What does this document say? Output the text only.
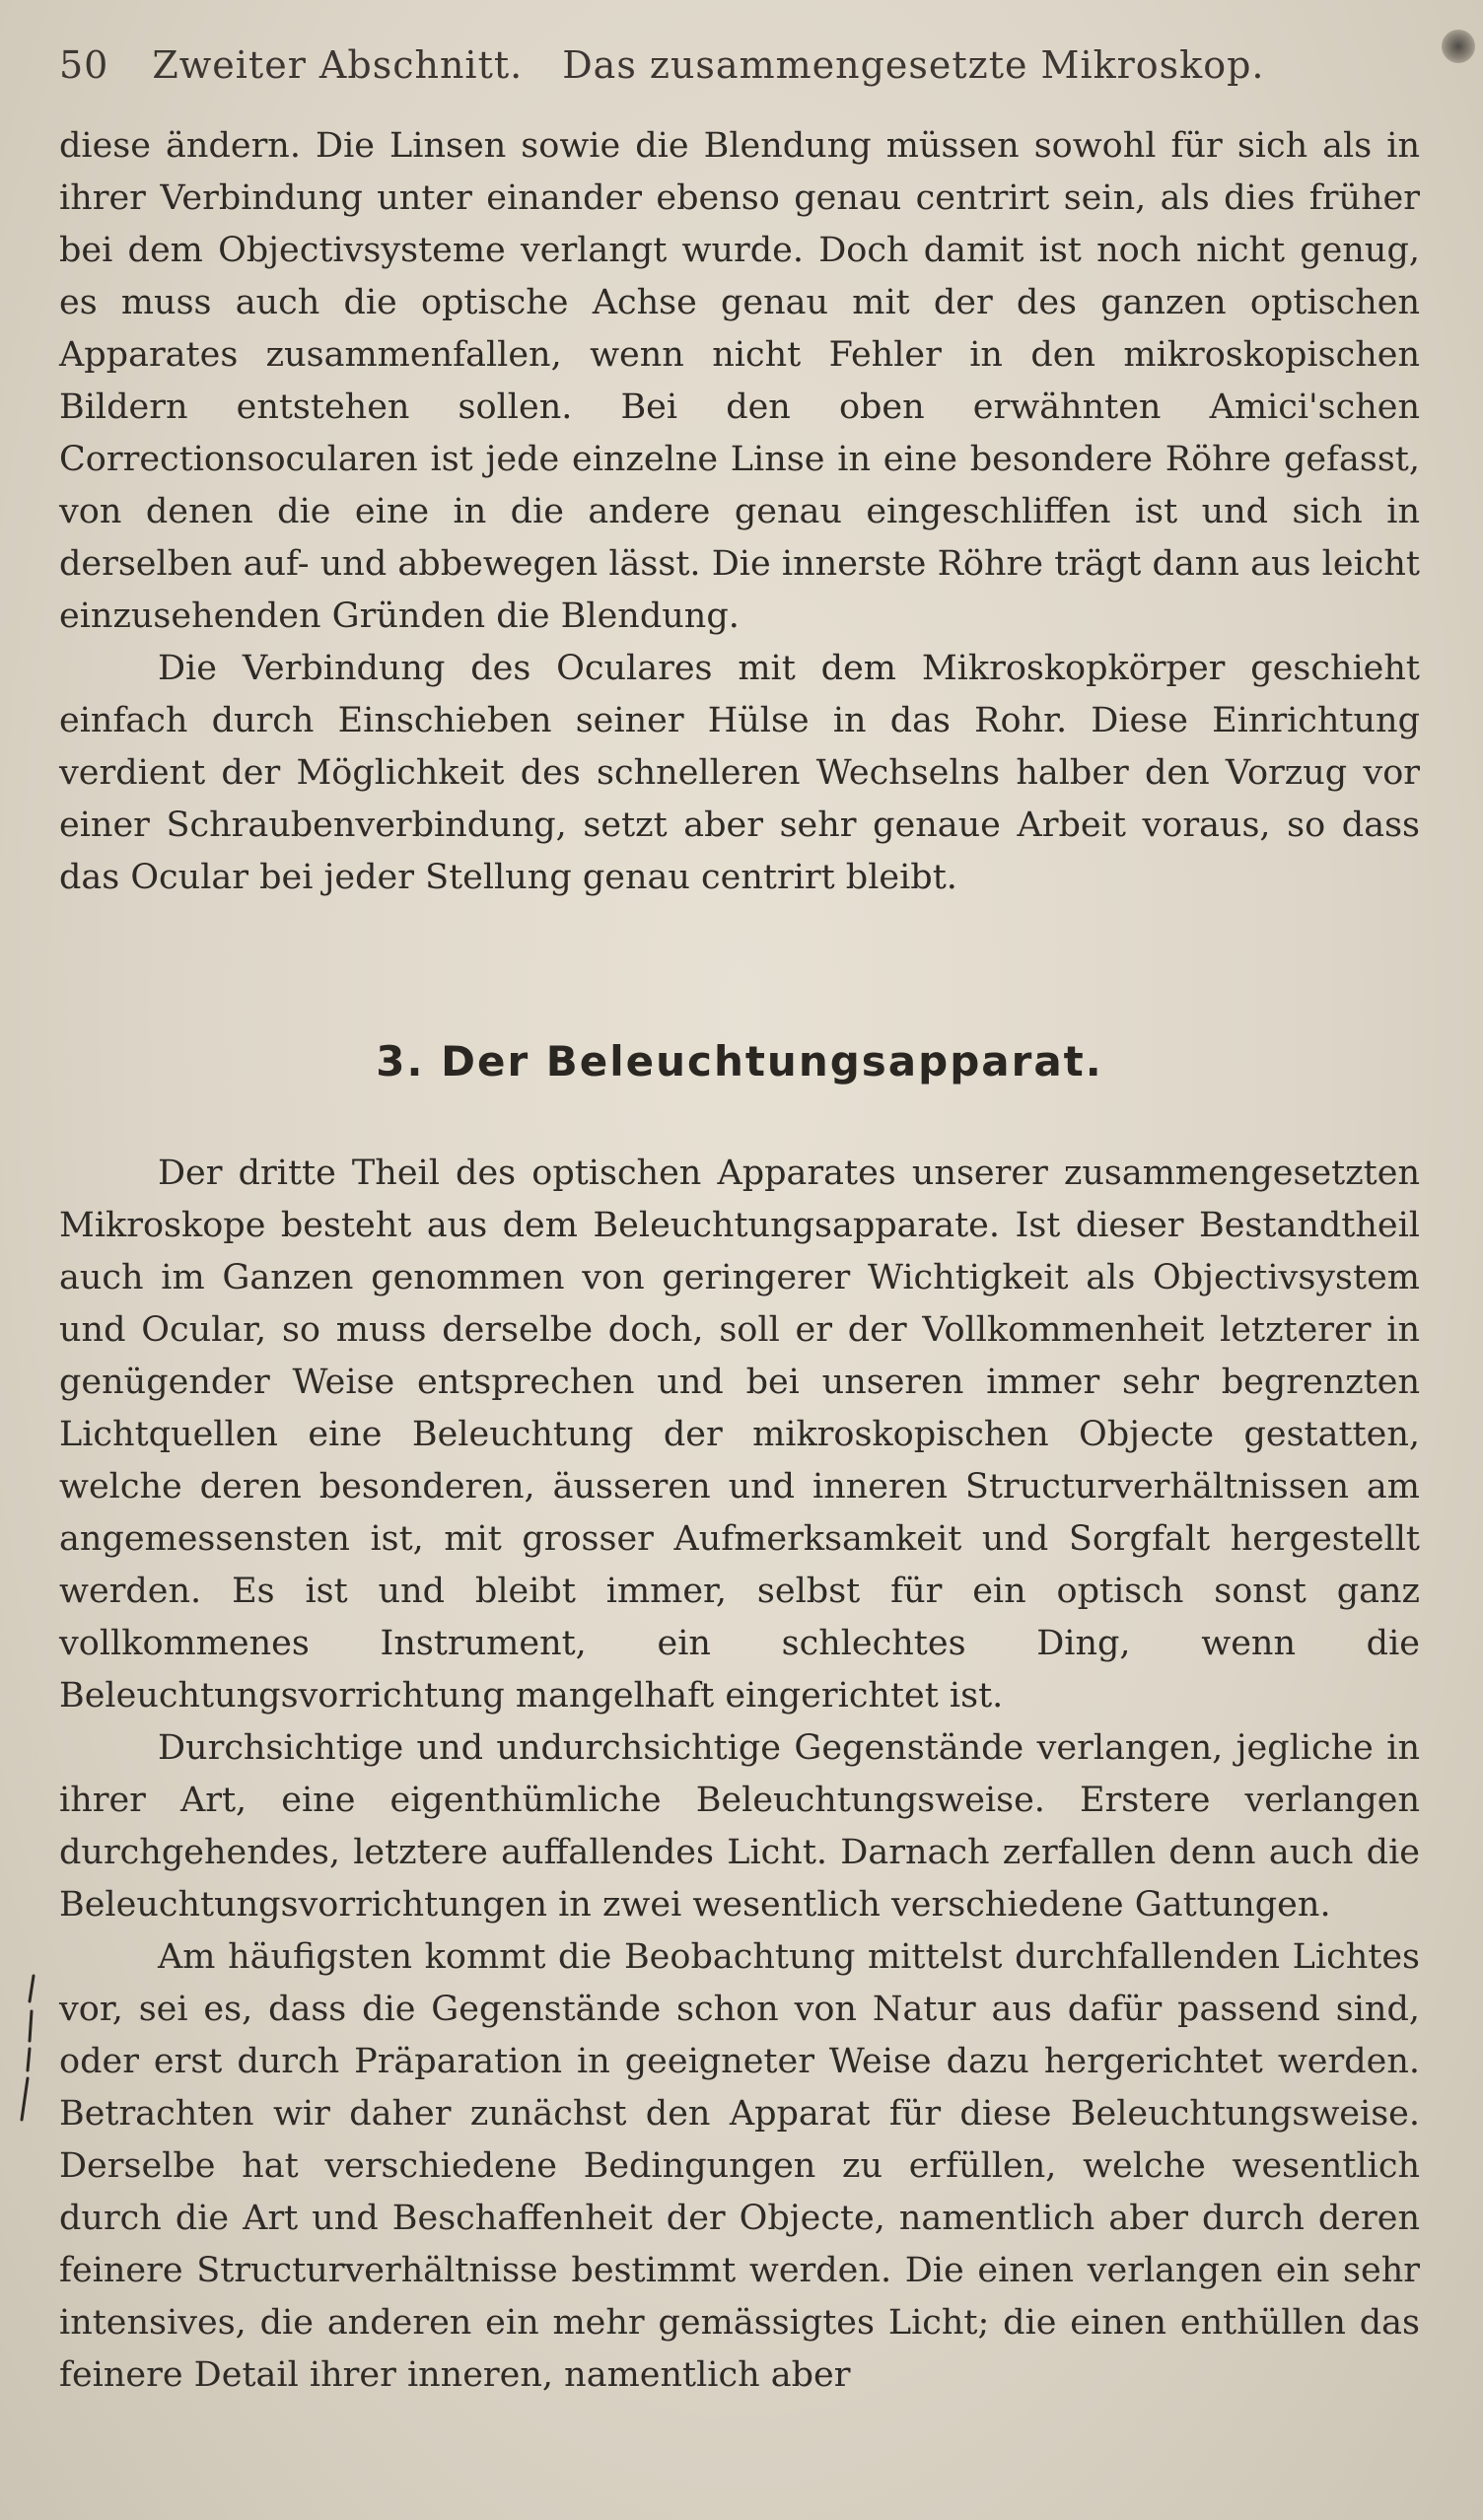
50 Zweiter Abschnitt. Das zusammengesetzte Mikroskop.

diese ändern. Die Linsen sowie die Blendung müssen sowohl für sich als in ihrer Verbindung unter einander ebenso genau centrirt sein, als dies früher bei dem Objectivsysteme verlangt wurde. Doch damit ist noch nicht genug, es muss auch die optische Achse genau mit der des ganzen optischen Apparates zusammenfallen, wenn nicht Fehler in den mikroskopischen Bildern entstehen sollen. Bei den oben erwähnten Amici'schen Correctionsocularen ist jede einzelne Linse in eine besondere Röhre gefasst, von denen die eine in die andere genau eingeschliffen ist und sich in derselben auf- und abbewegen lässt. Die innerste Röhre trägt dann aus leicht einzusehenden Gründen die Blendung.

Die Verbindung des Oculares mit dem Mikroskopkörper geschieht einfach durch Einschieben seiner Hülse in das Rohr. Diese Einrichtung verdient der Möglichkeit des schnelleren Wechselns halber den Vorzug vor einer Schraubenverbindung, setzt aber sehr genaue Arbeit voraus, so dass das Ocular bei jeder Stellung genau centrirt bleibt.

3. Der Beleuchtungsapparat.

Der dritte Theil des optischen Apparates unserer zusammengesetzten Mikroskope besteht aus dem Beleuchtungsapparate. Ist dieser Bestandtheil auch im Ganzen genommen von geringerer Wichtigkeit als Objectivsystem und Ocular, so muss derselbe doch, soll er der Vollkommenheit letzterer in genügender Weise entsprechen und bei unseren immer sehr begrenzten Lichtquellen eine Beleuchtung der mikroskopischen Objecte gestatten, welche deren besonderen, äusseren und inneren Structurverhältnissen am angemessensten ist, mit grosser Aufmerksamkeit und Sorgfalt hergestellt werden. Es ist und bleibt immer, selbst für ein optisch sonst ganz vollkommenes Instrument, ein schlechtes Ding, wenn die Beleuchtungsvorrichtung mangelhaft eingerichtet ist.

Durchsichtige und undurchsichtige Gegenstände verlangen, jegliche in ihrer Art, eine eigenthümliche Beleuchtungsweise. Erstere verlangen durchgehendes, letztere auffallendes Licht. Darnach zerfallen denn auch die Beleuchtungsvorrichtungen in zwei wesentlich verschiedene Gattungen.

Am häufigsten kommt die Beobachtung mittelst durchfallenden Lichtes vor, sei es, dass die Gegenstände schon von Natur aus dafür passend sind, oder erst durch Präparation in geeigneter Weise dazu hergerichtet werden. Betrachten wir daher zunächst den Apparat für diese Beleuchtungsweise. Derselbe hat verschiedene Bedingungen zu erfüllen, welche wesentlich durch die Art und Beschaffenheit der Objecte, namentlich aber durch deren feinere Structurverhältnisse bestimmt werden. Die einen verlangen ein sehr intensives, die anderen ein mehr gemässigtes Licht; die einen enthüllen das feinere Detail ihrer inneren, namentlich aber
